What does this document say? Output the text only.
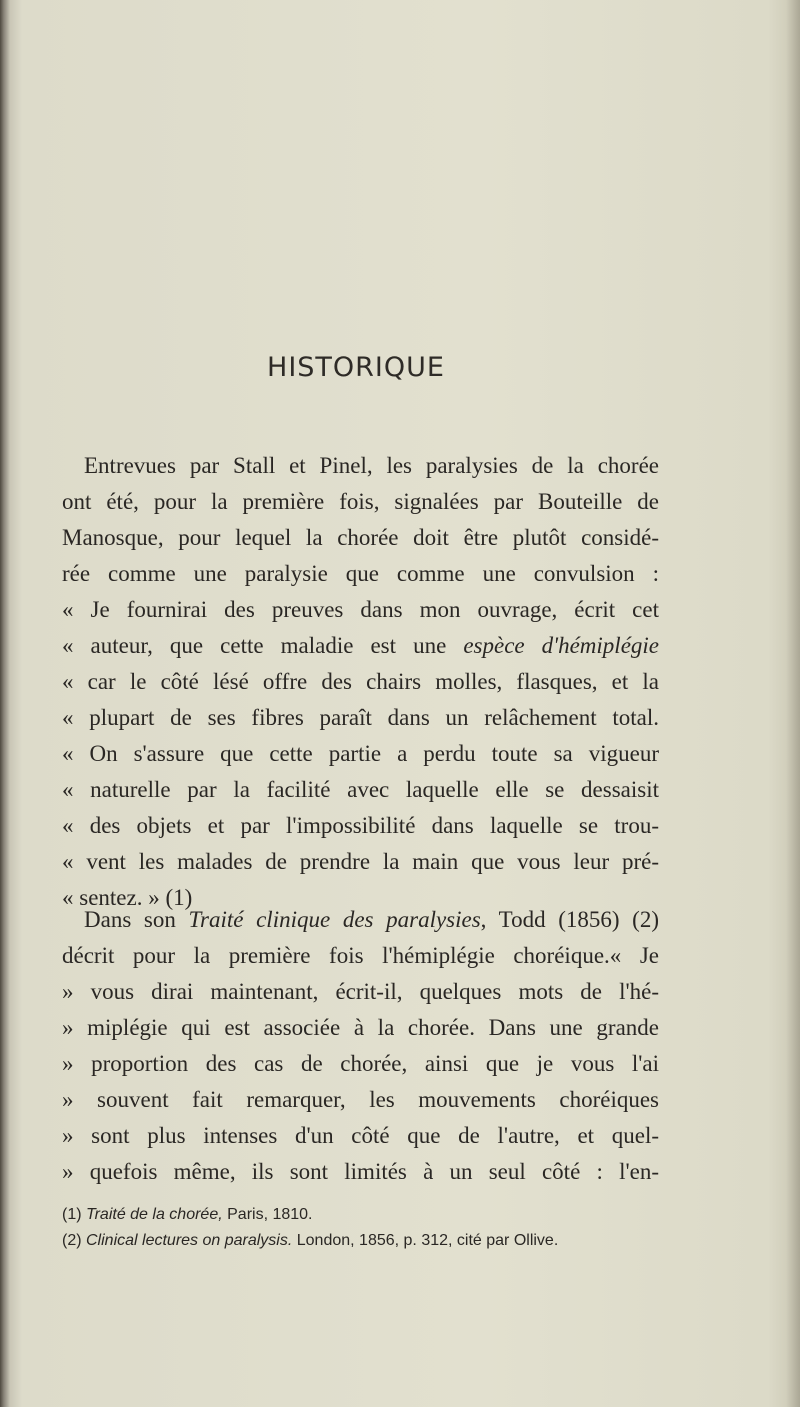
HISTORIQUE
Entrevues par Stall et Pinel, les paralysies de la chorée
ont été, pour la première fois, signalées par Bouteille de
Manosque, pour lequel la chorée doit être plutôt considé-
rée comme une paralysie que comme une convulsion :
« Je fournirai des preuves dans mon ouvrage, écrit cet
« auteur, que cette maladie est une espèce d'hémiplégie
« car le côté lésé offre des chairs molles, flasques, et la
« plupart de ses fibres paraît dans un relâchement total.
« On s'assure que cette partie a perdu toute sa vigueur
« naturelle par la facilité avec laquelle elle se dessaisit
« des objets et par l'impossibilité dans laquelle se trou-
« vent les malades de prendre la main que vous leur pré-
« sentez. » (1)
Dans son Traité clinique des paralysies, Todd (1856) (2)
décrit pour la première fois l'hémiplégie choréique.« Je
» vous dirai maintenant, écrit-il, quelques mots de l'hé-
» miplégie qui est associée à la chorée. Dans une grande
» proportion des cas de chorée, ainsi que je vous l'ai
» souvent fait remarquer, les mouvements choréiques
» sont plus intenses d'un côté que de l'autre, et quel-
» quefois même, ils sont limités à un seul côté : l'en-
(1) Traité de la chorée, Paris, 1810.
(2) Clinical lectures on paralysis. London, 1856, p. 312, cité par Ollive.
